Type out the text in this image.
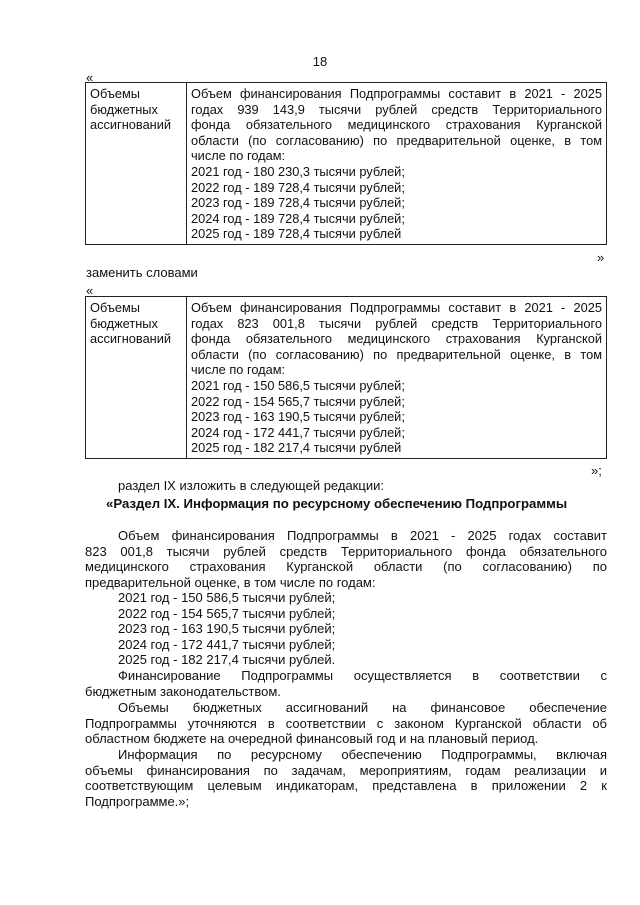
18
«
Объемы
бюджетных
ассигнований

Объем финансирования Подпрограммы составит в 2021 - 2025
годах 939 143,9 тысячи рублей средств Территориального
фонда обязательного медицинского страхования Курганской
области (по согласованию) по предварительной оценке, в том
числе по годам:
2021 год - 180 230,3 тысячи рублей;
2022 год - 189 728,4 тысячи рублей;
2023 год - 189 728,4 тысячи рублей;
2024 год - 189 728,4 тысячи рублей;
2025 год - 189 728,4 тысячи рублей
»
заменить словами
«
Объемы
бюджетных
ассигнований

Объем финансирования Подпрограммы составит в 2021 - 2025
годах 823 001,8 тысячи рублей средств Территориального
фонда обязательного медицинского страхования Курганской
области (по согласованию) по предварительной оценке, в том
числе по годам:
2021 год - 150 586,5 тысячи рублей;
2022 год - 154 565,7 тысячи рублей;
2023 год - 163 190,5 тысячи рублей;
2024 год - 172 441,7 тысячи рублей;
2025 год - 182 217,4 тысячи рублей
»;
раздел IX изложить в следующей редакции:
«Раздел IX. Информация по ресурсному обеспечению Подпрограммы
Объем финансирования Подпрограммы в 2021 - 2025 годах составит
823 001,8 тысячи рублей средств Территориального фонда обязательного
медицинского страхования Курганской области (по согласованию) по
предварительной оценке, в том числе по годам:
2021 год - 150 586,5 тысячи рублей;
2022 год - 154 565,7 тысячи рублей;
2023 год - 163 190,5 тысячи рублей;
2024 год - 172 441,7 тысячи рублей;
2025 год - 182 217,4 тысячи рублей.
Финансирование Подпрограммы осуществляется в соответствии с
бюджетным законодательством.
Объемы бюджетных ассигнований на финансовое обеспечение
Подпрограммы уточняются в соответствии с законом Курганской области об
областном бюджете на очередной финансовый год и на плановый период.
Информация по ресурсному обеспечению Подпрограммы, включая
объемы финансирования по задачам, мероприятиям, годам реализации и
соответствующим целевым индикаторам, представлена в приложении 2 к
Подпрограмме.»;
